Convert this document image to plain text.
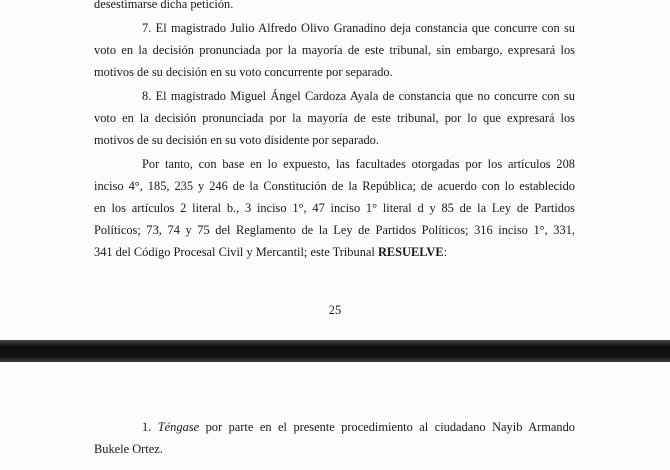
desestimarse dicha petición.
7. El magistrado Julio Alfredo Olivo Granadino deja constancia que concurre con su
voto en la decisión pronunciada por la mayoría de este tribunal, sin embargo, expresará los
motivos de su decisión en su voto concurrente por separado.
8. El magistrado Miguel Ángel Cardoza Ayala de constancia que no concurre con su
voto en la decisión pronunciada por la mayoría de este tribunal, por lo que expresará los
motivos de su decisión en su voto disidente por separado.
Por tanto, con base en lo expuesto, las facultades otorgadas por los artículos 208
inciso 4°, 185, 235 y 246 de la Constitución de la República; de acuerdo con lo establecido
en los artículos 2 literal b., 3 inciso 1°, 47 inciso 1° literal d y 85 de la Ley de Partidos
Políticos; 73, 74 y 75 del Reglamento de la Ley de Partidos Políticos; 316 inciso 1°, 331,
341 del Código Procesal Civil y Mercantil; este Tribunal RESUELVE:
25
1. Téngase por parte en el presente procedimiento al ciudadano Nayib Armando
Bukele Ortez.
